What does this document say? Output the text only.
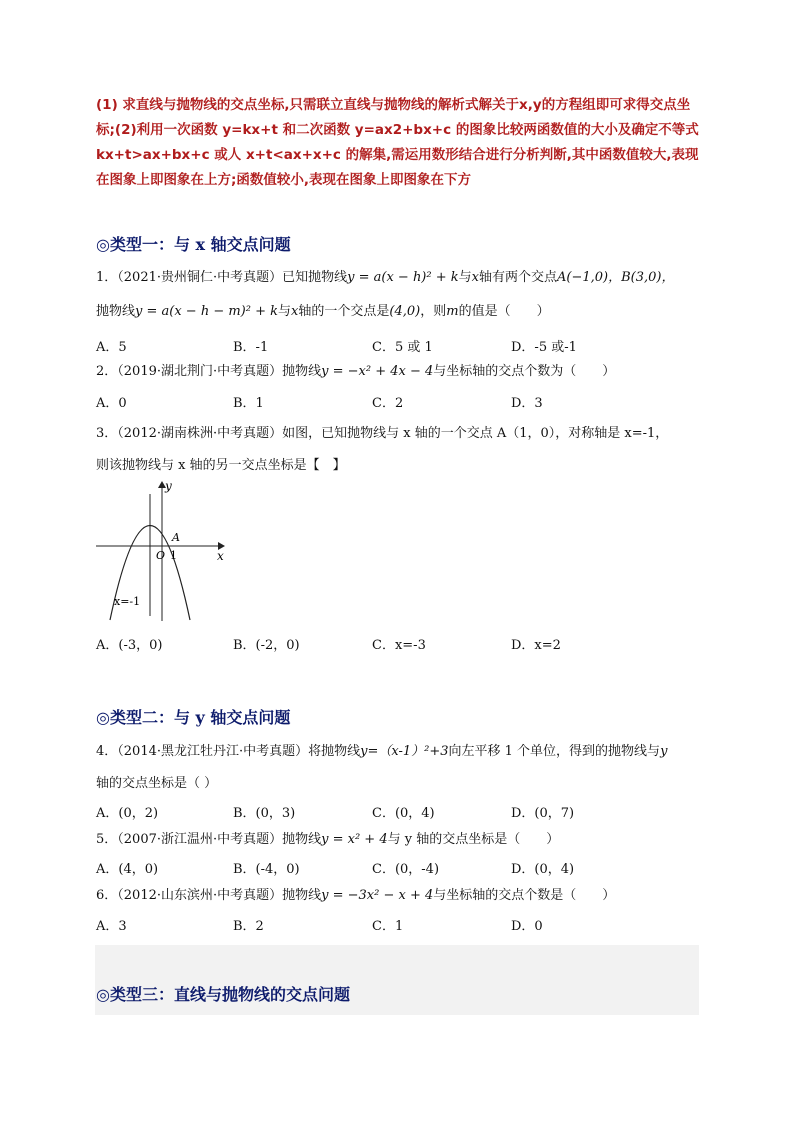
(1) 求直线与抛物线的交点坐标,只需联立直线与抛物线的解析式解关于x,y的方程组即可求得交点坐标;(2)利用一次函数 y=kx+t 和二次函数 y=ax2+bx+c 的图象比较两函数值的大小及确定不等式 kx+t>ax+bx+c 或人 x+t<ax+x+c 的解集,需运用数形结合进行分析判断,其中函数值较大,表现在图象上即图象在上方;函数值较小,表现在图象上即图象在下方
◎类型一：与 x 轴交点问题
1．（2021·贵州铜仁·中考真题）已知抛物线y = a(x − h)² + k与x轴有两个交点A(−1,0)，B(3,0)，
抛物线y = a(x − h − m)² + k与x轴的一个交点是(4,0)，则m的值是（　　）
A．5	B．-1	C．5 或 1	D．-5 或-1
2．（2019·湖北荆门·中考真题）抛物线y = −x² + 4x − 4与坐标轴的交点个数为（　　）
A．0	B．1	C．2	D．3
3．（2012·湖南株洲·中考真题）如图，已知抛物线与 x 轴的一个交点 A（1，0），对称轴是 x=-1，
则该抛物线与 x 轴的另一交点坐标是【　】
y
x
A
O 1
x=-1
A．(-3，0)	B．(-2，0)	C．x=-3	D．x=2
◎类型二：与 y 轴交点问题
4．（2014·黑龙江牡丹江·中考真题）将抛物线y=（x-1）²+3向左平移 1 个单位，得到的抛物线与y
轴的交点坐标是（ ）
A．(0，2)	B．(0，3)	C．(0，4)	D．(0，7)
5．（2007·浙江温州·中考真题）抛物线y = x² + 4与 y 轴的交点坐标是（　　）
A．(4，0)	B．(-4，0)	C．(0，-4)	D．(0，4)
6．（2012·山东滨州·中考真题）抛物线y = −3x² − x + 4与坐标轴的交点个数是（　　）
A．3	B．2	C．1	D．0
◎类型三：直线与抛物线的交点问题
